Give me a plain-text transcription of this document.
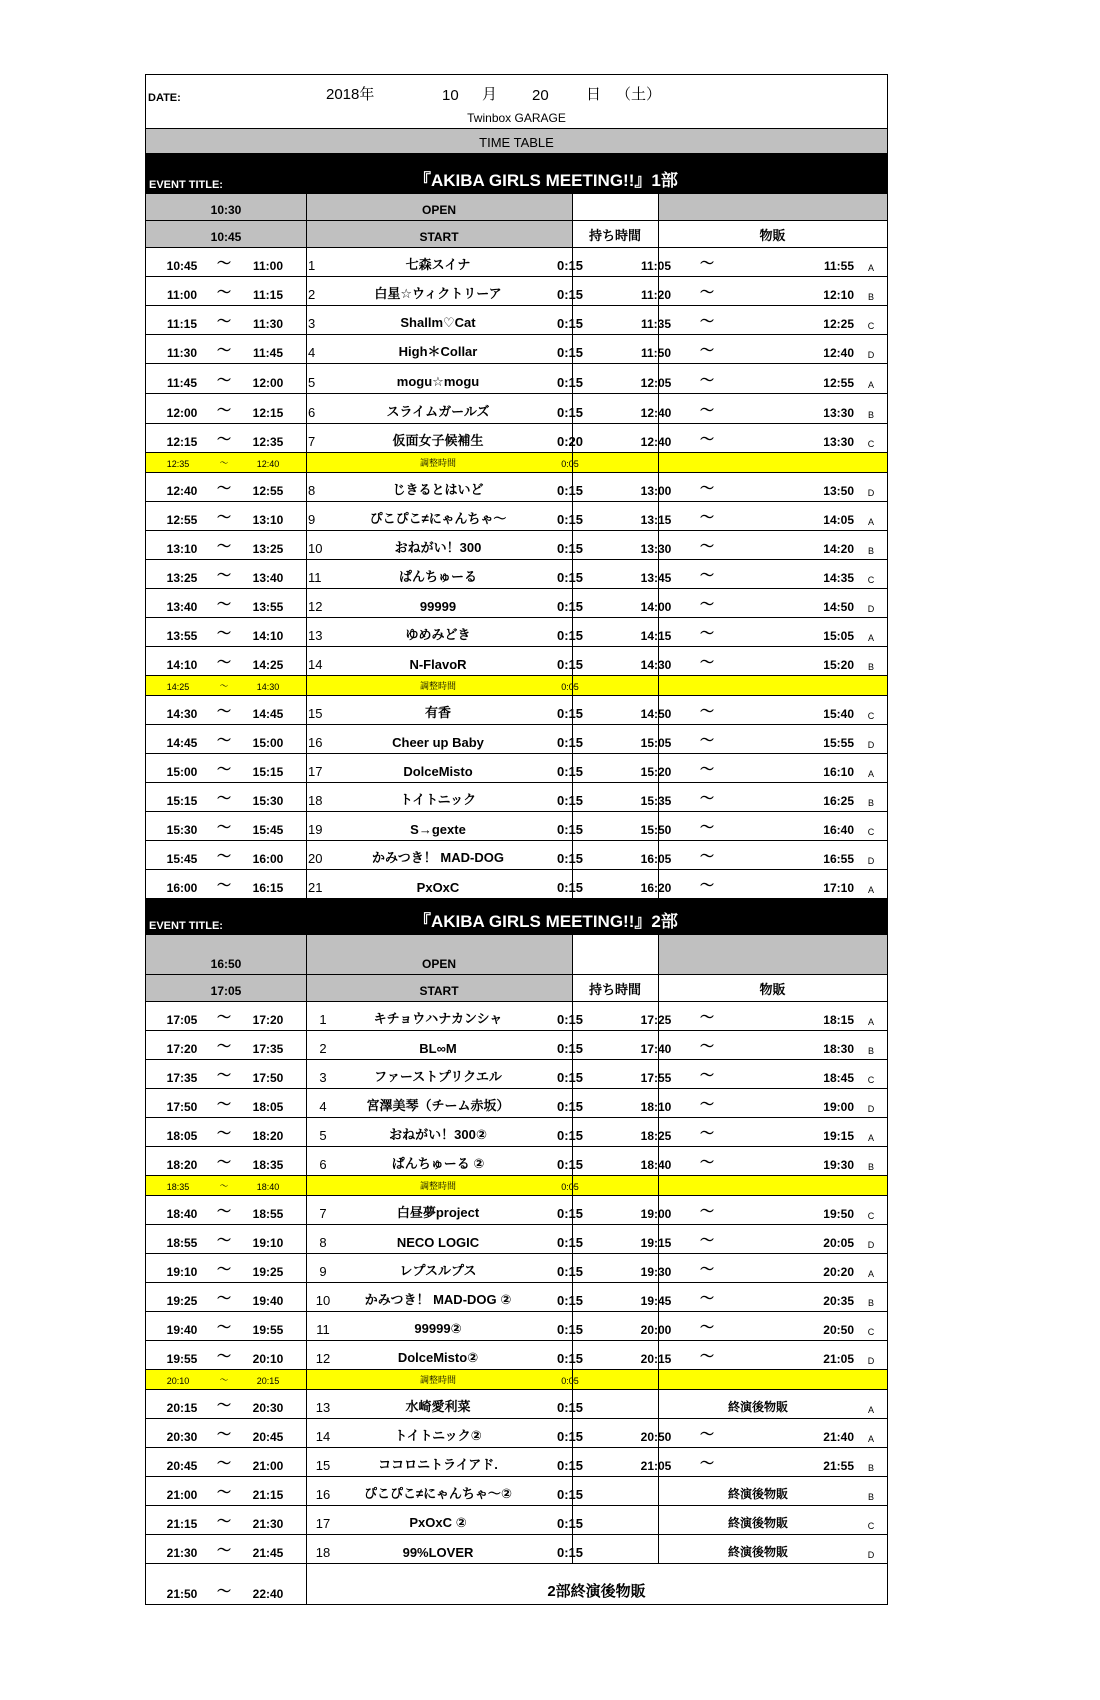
DATE:	2018年	10	月	20	日 （土）
Twinbox GARAGE
TIME TABLE
EVENT TITLE:	『AKIBA GIRLS MEETING!!』1部
10:30	OPEN
10:45	START	持ち時間	物販
10:45	～	11:00	1	七森スイナ	0:15	11:05	～	11:55	A
11:00	～	11:15	2	白星☆ウィクトリーア	0:15	11:20	～	12:10	B
11:15	～	11:30	3	Shallm♡Cat	0:15	11:35	～	12:25	C
11:30	～	11:45	4	High＊Collar	0:15	11:50	～	12:40	D
11:45	～	12:00	5	mogu☆mogu	0:15	12:05	～	12:55	A
12:00	～	12:15	6	スライムガールズ	0:15	12:40	～	13:30	B
12:15	～	12:35	7	仮面女子候補生	0:20	12:40	～	13:30	C
12:35	～	12:40	調整時間	0:05
12:40	～	12:55	8	じきるとはいど	0:15	13:00	～	13:50	D
12:55	～	13:10	9	ぴこぴこ≠にゃんちゃ～	0:15	13:15	～	14:05	A
13:10	～	13:25	10	おねがい！300	0:15	13:30	～	14:20	B
13:25	～	13:40	11	ぱんちゅーる	0:15	13:45	～	14:35	C
13:40	～	13:55	12	99999	0:15	14:00	～	14:50	D
13:55	～	14:10	13	ゆめみどき	0:15	14:15	～	15:05	A
14:10	～	14:25	14	N-FlavoR	0:15	14:30	～	15:20	B
14:25	～	14:30	調整時間	0:05
14:30	～	14:45	15	有香	0:15	14:50	～	15:40	C
14:45	～	15:00	16	Cheer up Baby	0:15	15:05	～	15:55	D
15:00	～	15:15	17	DolceMisto	0:15	15:20	～	16:10	A
15:15	～	15:30	18	トイトニック	0:15	15:35	～	16:25	B
15:30	～	15:45	19	S→gexte	0:15	15:50	～	16:40	C
15:45	～	16:00	20	かみつき！ MAD-DOG	0:15	16:05	～	16:55	D
16:00	～	16:15	21	PxOxC	0:15	16:20	～	17:10	A
EVENT TITLE:	『AKIBA GIRLS MEETING!!』2部
16:50	OPEN
17:05	START	持ち時間	物販
17:05	～	17:20	1	キチョウハナカンシャ	0:15	17:25	～	18:15	A
17:20	～	17:35	2	BL∞M	0:15	17:40	～	18:30	B
17:35	～	17:50	3	ファーストプリクエル	0:15	17:55	～	18:45	C
17:50	～	18:05	4	宮澤美琴（チーム赤坂）	0:15	18:10	～	19:00	D
18:05	～	18:20	5	おねがい！300②	0:15	18:25	～	19:15	A
18:20	～	18:35	6	ぱんちゅーる ②	0:15	18:40	～	19:30	B
18:35	～	18:40	調整時間	0:05
18:40	～	18:55	7	白昼夢project	0:15	19:00	～	19:50	C
18:55	～	19:10	8	NECO LOGIC	0:15	19:15	～	20:05	D
19:10	～	19:25	9	レプスルプス	0:15	19:30	～	20:20	A
19:25	～	19:40	10	かみつき！ MAD-DOG ②	0:15	19:45	～	20:35	B
19:40	～	19:55	11	99999②	0:15	20:00	～	20:50	C
19:55	～	20:10	12	DolceMisto②	0:15	20:15	～	21:05	D
20:10	～	20:15	調整時間	0:05
20:15	～	20:30	13	水崎愛利菜	0:15	終演後物販	A
20:30	～	20:45	14	トイトニック②	0:15	20:50	～	21:40	A
20:45	～	21:00	15	ココロニトライアド.	0:15	21:05	～	21:55	B
21:00	～	21:15	16	ぴこぴこ≠にゃんちゃ～②	0:15	終演後物販	B
21:15	～	21:30	17	PxOxC ②	0:15	終演後物販	C
21:30	～	21:45	18	99%LOVER	0:15	終演後物販	D
21:50	～	22:40	2部終演後物販
